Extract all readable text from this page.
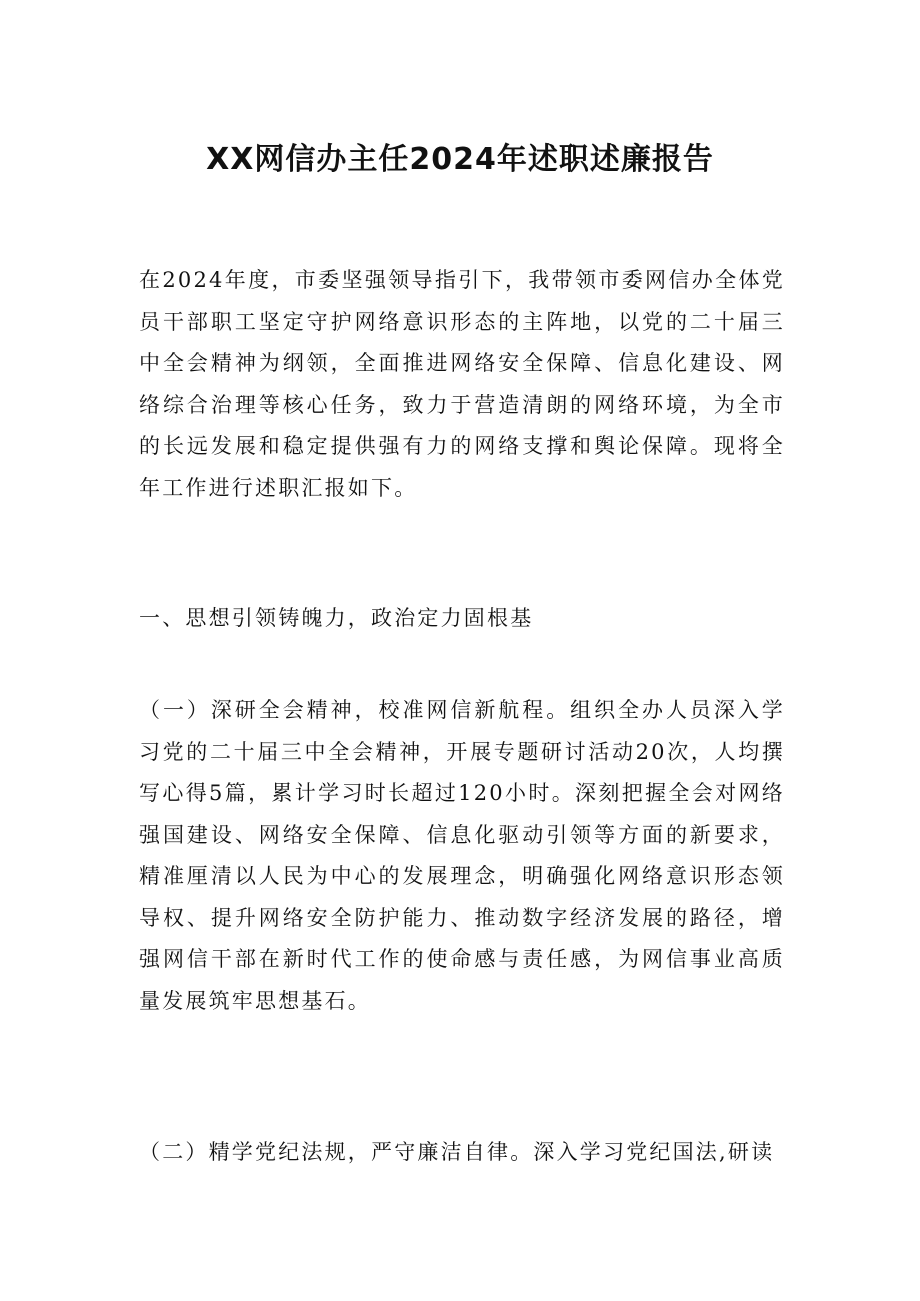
XX网信办主任2024年述职述廉报告

在2024年度，市委坚强领导指引下，我带领市委网信办全体党员干部职工坚定守护网络意识形态的主阵地，以党的二十届三中全会精神为纲领，全面推进网络安全保障、信息化建设、网络综合治理等核心任务，致力于营造清朗的网络环境，为全市的长远发展和稳定提供强有力的网络支撑和舆论保障。现将全年工作进行述职汇报如下。

一、思想引领铸魄力，政治定力固根基

（一）深研全会精神，校准网信新航程。组织全办人员深入学习党的二十届三中全会精神，开展专题研讨活动20次，人均撰写心得5篇，累计学习时长超过120小时。深刻把握全会对网络强国建设、网络安全保障、信息化驱动引领等方面的新要求，精准厘清以人民为中心的发展理念，明确强化网络意识形态领导权、提升网络安全防护能力、推动数字经济发展的路径，增强网信干部在新时代工作的使命感与责任感，为网信事业高质量发展筑牢思想基石。

（二）精学党纪法规，严守廉洁自律。深入学习党纪国法,研读
